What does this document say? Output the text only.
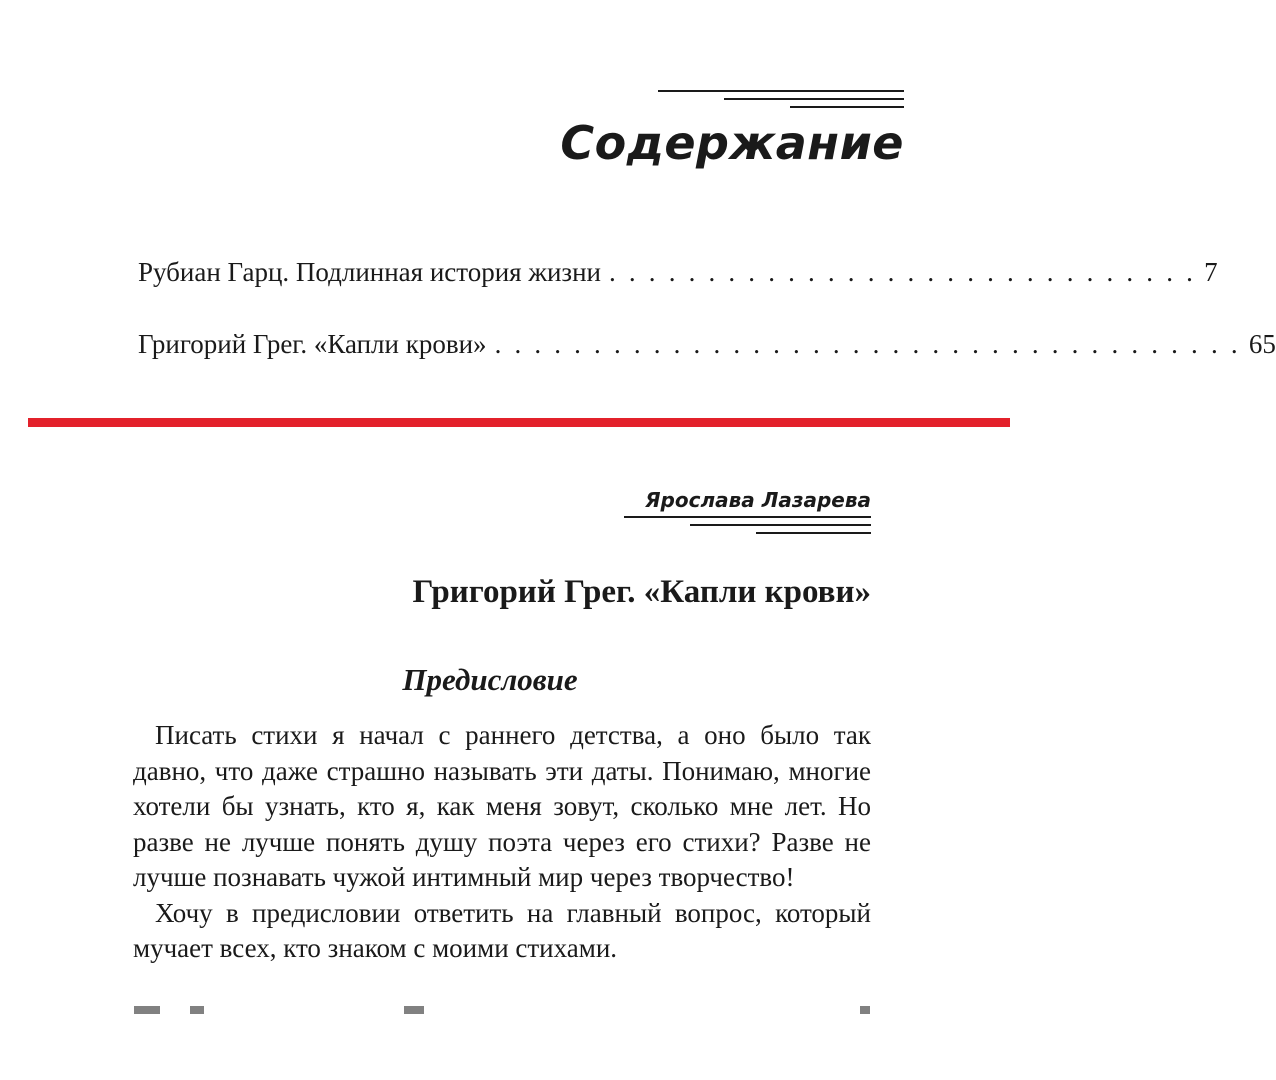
Содержание
Рубиан Гарц. Подлинная история жизни . . . . . . . . . . . . . . . . . . . . . . . . . . . . . . 7
Григорий Грег. «Капли крови» . . . . . . . . . . . . . . . . . . . . . . . . . . . . . . . . . . . . . . 65
Ярослава Лазарева
Григорий Грег. «Капли крови»
Предисловие

Писать стихи я начал с раннего детства, а оно было так давно, что даже страшно называть эти даты. Понимаю, многие хотели бы узнать, кто я, как меня зовут, сколько мне лет. Но разве не лучше понять душу поэта через его стихи? Разве не лучше познавать чужой интимный мир через творчество!

Хочу в предисловии ответить на главный вопрос, который мучает всех, кто знаком с моими стихами.
